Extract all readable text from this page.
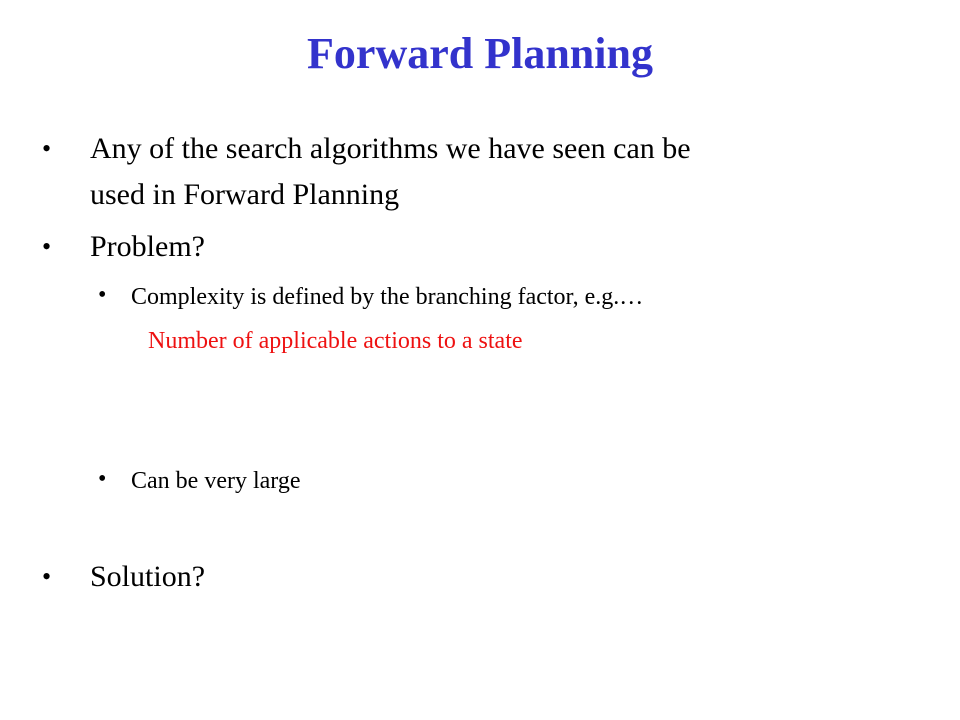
Forward Planning
• Any of the search algorithms we have seen can be
used in Forward Planning
• Problem?
• Complexity is defined by the branching factor, e.g.…
Number of applicable actions to a state
• Can be very large
• Solution?
